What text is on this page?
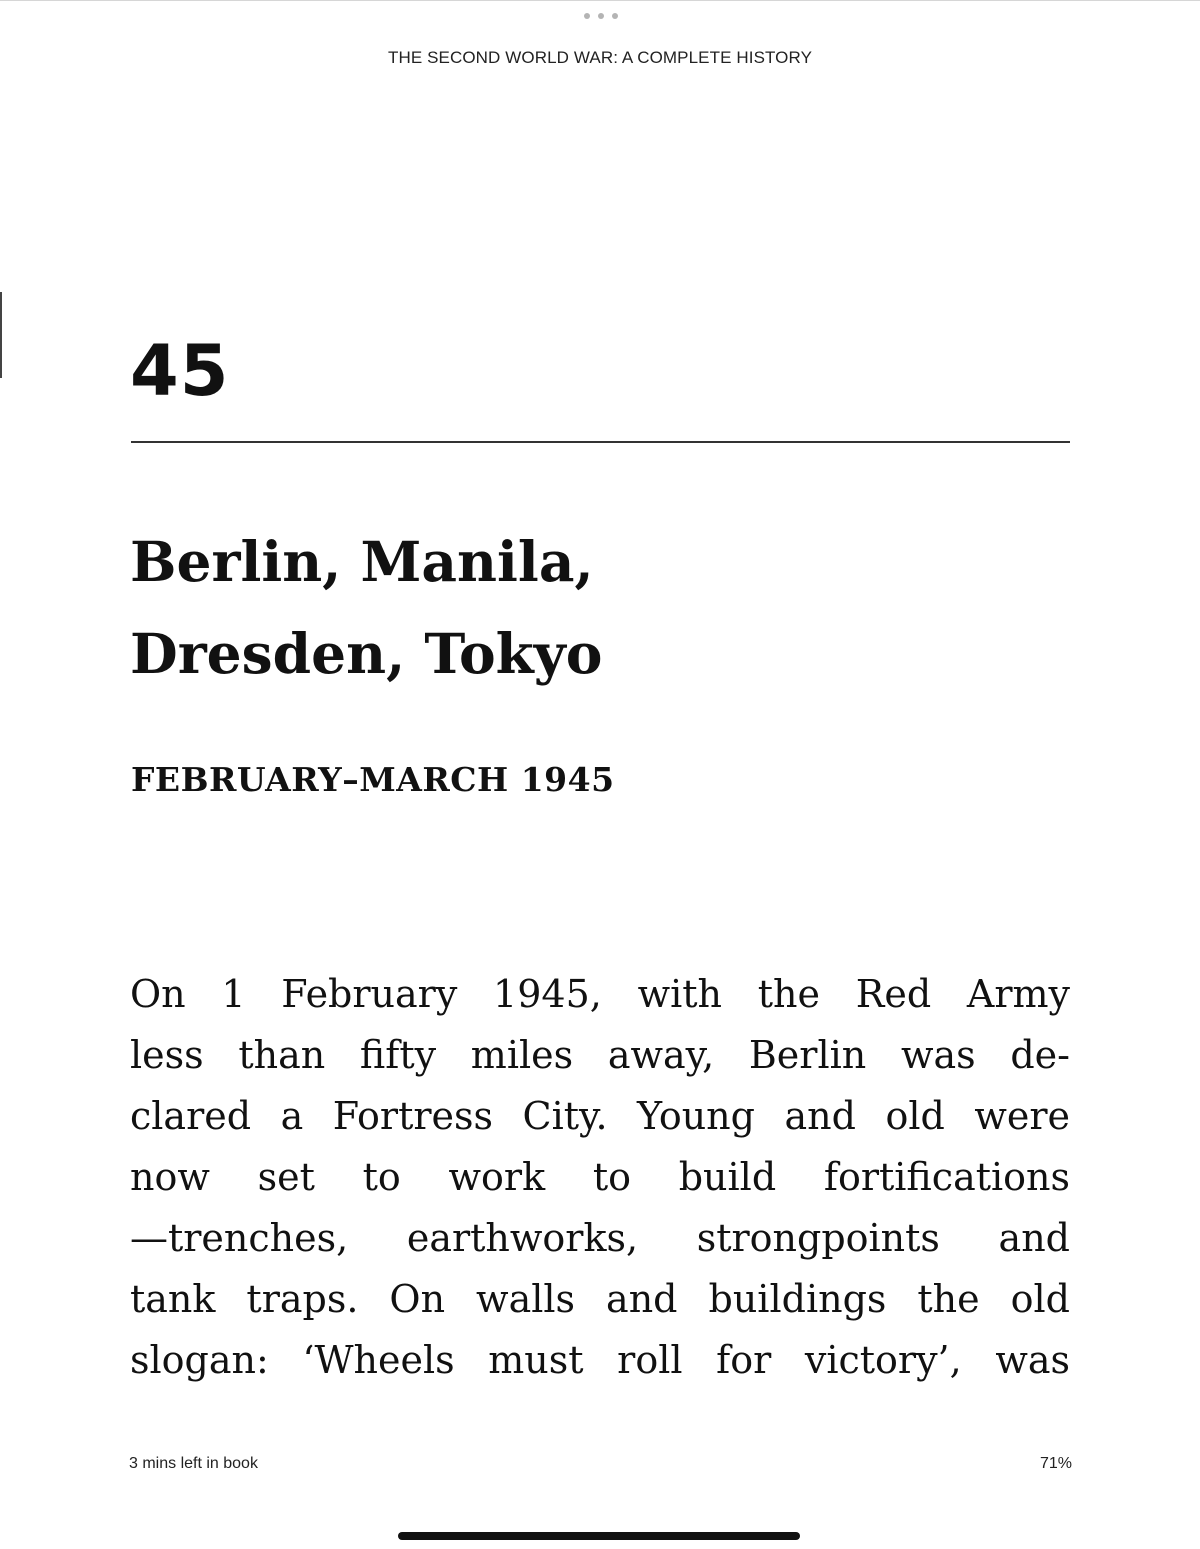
THE SECOND WORLD WAR: A COMPLETE HISTORY
45
Berlin, Manila,
Dresden, Tokyo
FEBRUARY–MARCH 1945
On 1 February 1945, with the Red Army
less than fifty miles away, Berlin was de-
clared a Fortress City. Young and old were
now set to work to build fortifications
—trenches, earthworks, strongpoints and
tank traps. On walls and buildings the old
slogan: ‘Wheels must roll for victory’, was
3 mins left in book	71%
